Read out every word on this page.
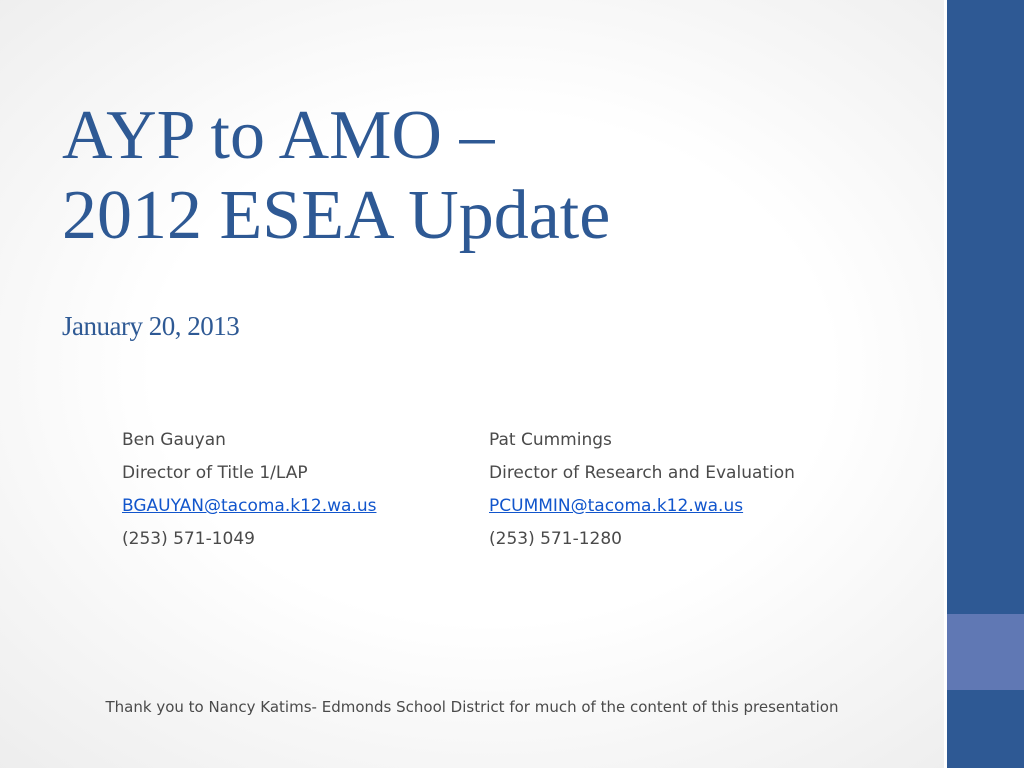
AYP to AMO –
2012 ESEA Update

January 20, 2013

Ben Gauyan
Director of Title 1/LAP
BGAUYAN@tacoma.k12.wa.us
(253) 571-1049
Pat Cummings
Director of Research and Evaluation
PCUMMIN@tacoma.k12.wa.us
(253) 571-1280
Thank you to Nancy Katims- Edmonds School District for much of the content of this presentation
